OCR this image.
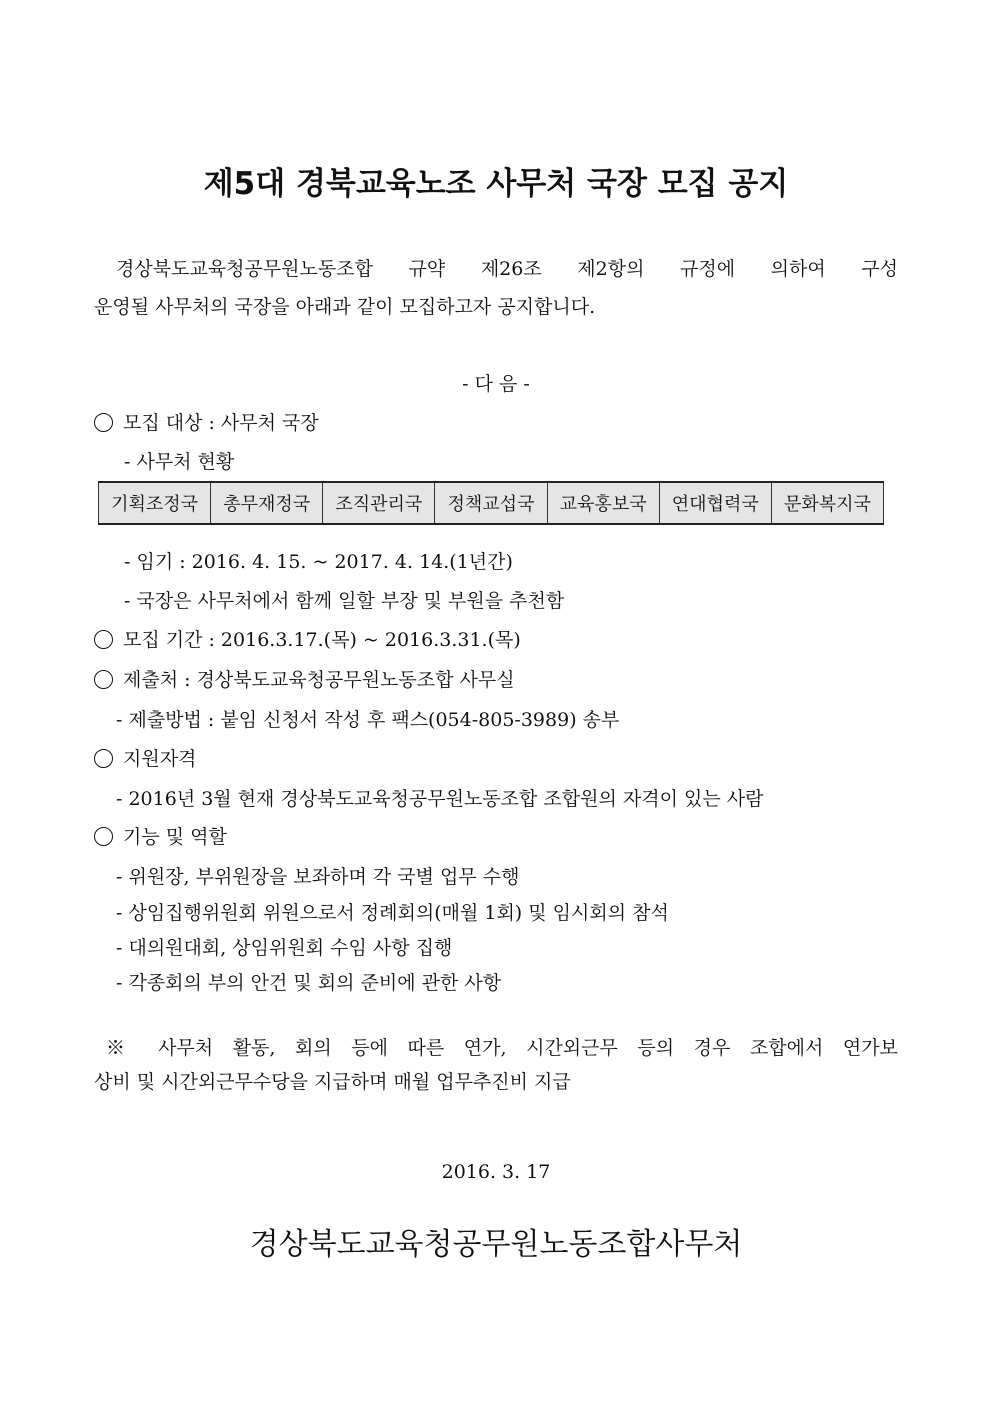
제5대 경북교육노조 사무처 국장 모집 공지

경상북도교육청공무원노동조합 규약 제26조 제2항의 규정에 의하여 구성

운영될 사무처의 국장을 아래과 같이 모집하고자 공지합니다.

- 다 음 -
모집 대상 : 사무처 국장
- 사무처 현황
기획조정국	총무재정국	조직관리국	정책교섭국	교육홍보국	연대협력국	문화복지국
- 임기 : 2016. 4. 15. ~ 2017. 4. 14.(1년간)
- 국장은 사무처에서 함께 일할 부장 및 부원을 추천함
모집 기간 : 2016.3.17.(목) ~ 2016.3.31.(목)
제출처 : 경상북도교육청공무원노동조합 사무실
- 제출방법 : 붙임 신청서 작성 후 팩스(054-805-3989) 송부
지원자격
- 2016년 3월 현재 경상북도교육청공무원노동조합 조합원의 자격이 있는 사람
기능 및 역할
- 위원장, 부위원장을 보좌하며 각 국별 업무 수행
- 상임집행위원회 위원으로서 정례회의(매월 1회) 및 임시회의 참석
- 대의원대회, 상임위원회 수임 사항 집행
- 각종회의 부의 안건 및 회의 준비에 관한 사항

※ 사무처 활동, 회의 등에 따른 연가, 시간외근무 등의 경우 조합에서 연가보

상비 및 시간외근무수당을 지급하며 매월 업무추진비 지급

2016. 3. 17
경상북도교육청공무원노동조합사무처
